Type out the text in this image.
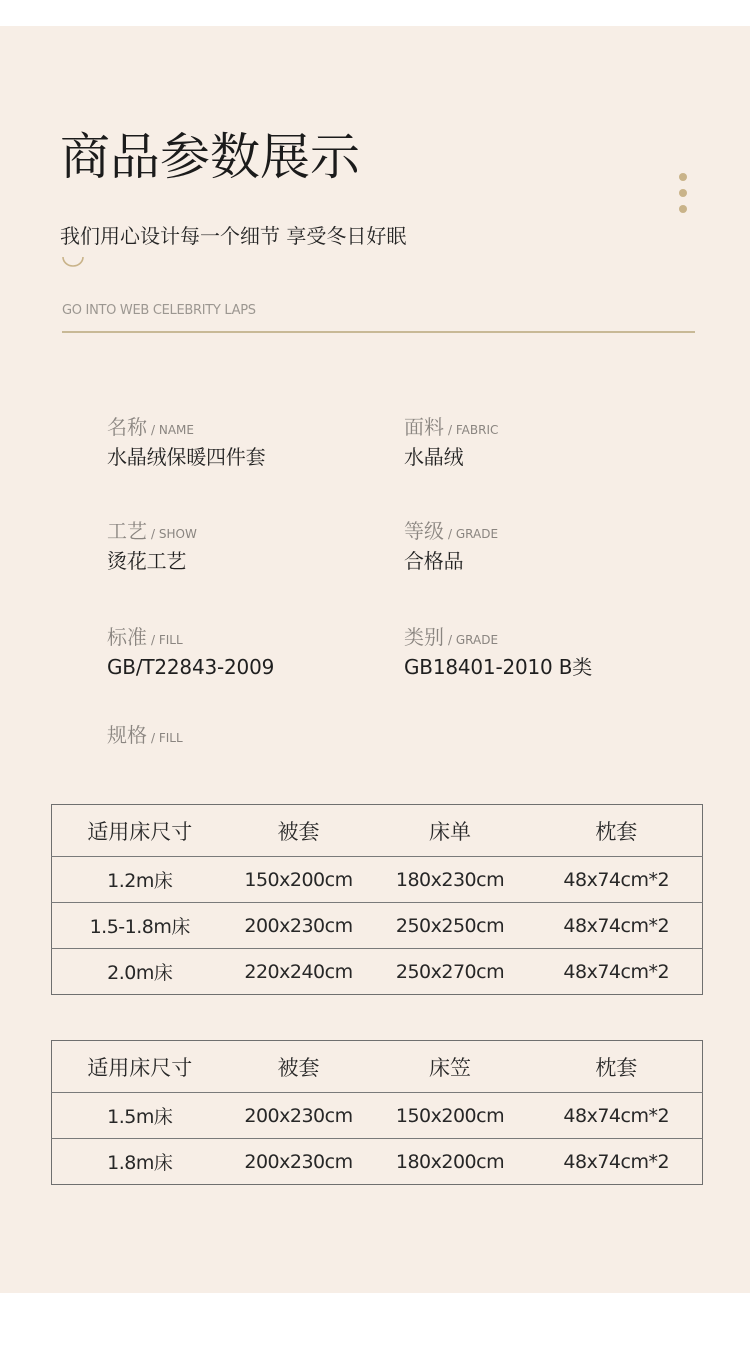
商品参数展示
我们用心设计每一个细节 享受冬日好眠
GO INTO WEB CELEBRITY LAPS
名称 / NAME
水晶绒保暖四件套
面料 / FABRIC
水晶绒
工艺 / SHOW
烫花工艺
等级 / GRADE
合格品
标准 / FILL
GB/T22843-2009
类别 / GRADE
GB18401-2010 B类
规格 / FILL
适用床尺寸	被套	床单	枕套
1.2m床	150x200cm	180x230cm	48x74cm*2
1.5-1.8m床	200x230cm	250x250cm	48x74cm*2
2.0m床	220x240cm	250x270cm	48x74cm*2
适用床尺寸	被套	床笠	枕套
1.5m床	200x230cm	150x200cm	48x74cm*2
1.8m床	200x230cm	180x200cm	48x74cm*2
